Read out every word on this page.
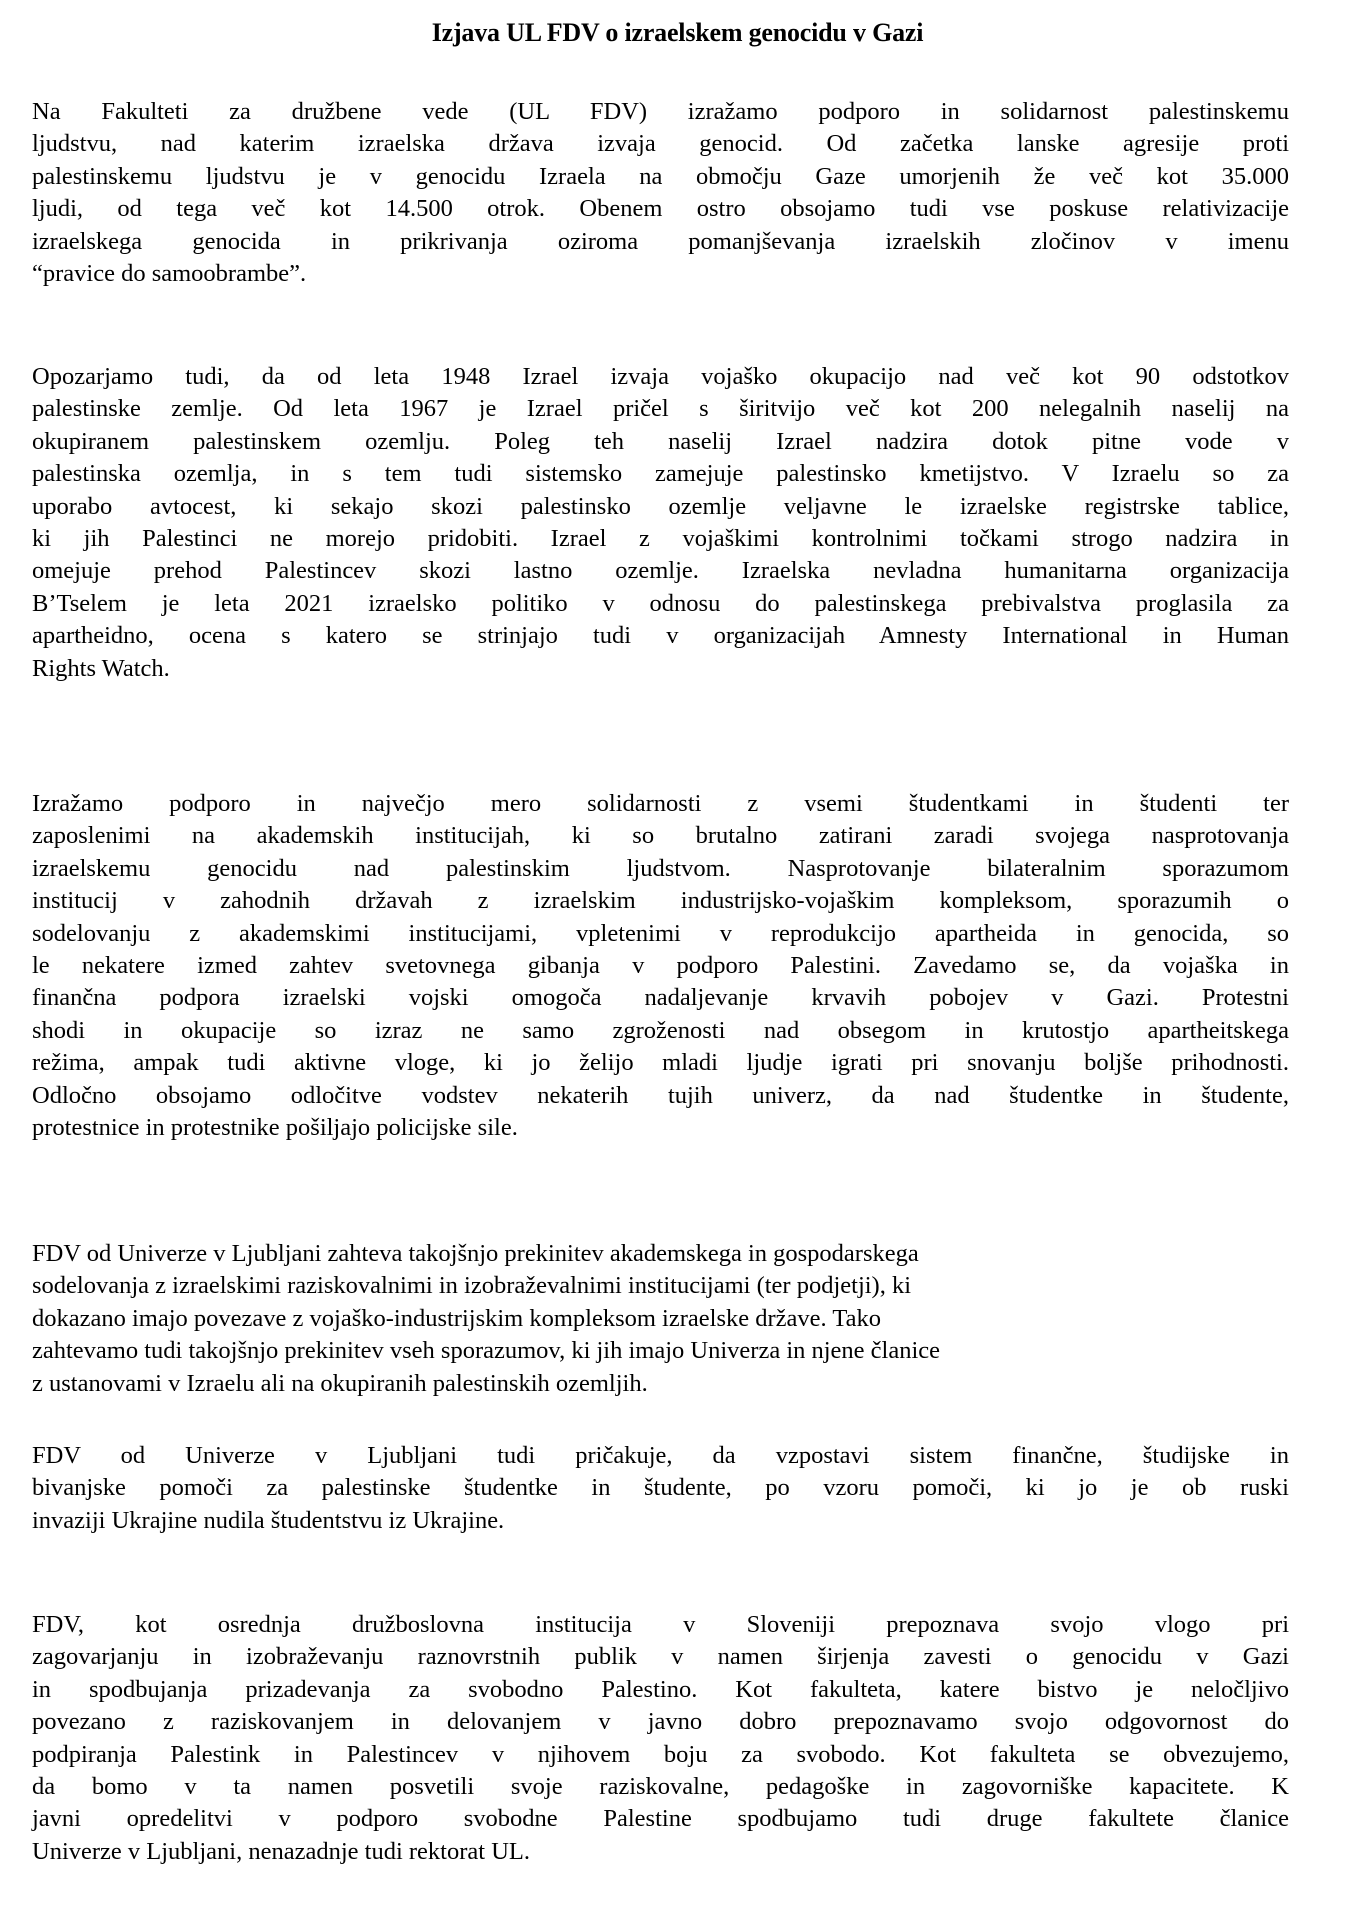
Izjava UL FDV o izraelskem genocidu v Gazi
Na Fakulteti za družbene vede (UL FDV) izražamo podporo in solidarnost palestinskemu
ljudstvu, nad katerim izraelska država izvaja genocid. Od začetka lanske agresije proti
palestinskemu ljudstvu je v genocidu Izraela na območju Gaze umorjenih že več kot 35.000
ljudi, od tega več kot 14.500 otrok. Obenem ostro obsojamo tudi vse poskuse relativizacije
izraelskega genocida in prikrivanja oziroma pomanjševanja izraelskih zločinov v imenu
“pravice do samoobrambe”.
Opozarjamo tudi, da od leta 1948 Izrael izvaja vojaško okupacijo nad več kot 90 odstotkov
palestinske zemlje. Od leta 1967 je Izrael pričel s širitvijo več kot 200 nelegalnih naselij na
okupiranem palestinskem ozemlju. Poleg teh naselij Izrael nadzira dotok pitne vode v
palestinska ozemlja, in s tem tudi sistemsko zamejuje palestinsko kmetijstvo. V Izraelu so za
uporabo avtocest, ki sekajo skozi palestinsko ozemlje veljavne le izraelske registrske tablice,
ki jih Palestinci ne morejo pridobiti. Izrael z vojaškimi kontrolnimi točkami strogo nadzira in
omejuje prehod Palestincev skozi lastno ozemlje. Izraelska nevladna humanitarna organizacija
B’Tselem je leta 2021 izraelsko politiko v odnosu do palestinskega prebivalstva proglasila za
apartheidno, ocena s katero se strinjajo tudi v organizacijah Amnesty International in Human
Rights Watch.
Izražamo podporo in največjo mero solidarnosti z vsemi študentkami in študenti ter
zaposlenimi na akademskih institucijah, ki so brutalno zatirani zaradi svojega nasprotovanja
izraelskemu genocidu nad palestinskim ljudstvom. Nasprotovanje bilateralnim sporazumom
institucij v zahodnih državah z izraelskim industrijsko-vojaškim kompleksom, sporazumih o
sodelovanju z akademskimi institucijami, vpletenimi v reprodukcijo apartheida in genocida, so
le nekatere izmed zahtev svetovnega gibanja v podporo Palestini. Zavedamo se, da vojaška in
finančna podpora izraelski vojski omogoča nadaljevanje krvavih pobojev v Gazi. Protestni
shodi in okupacije so izraz ne samo zgroženosti nad obsegom in krutostjo apartheitskega
režima, ampak tudi aktivne vloge, ki jo želijo mladi ljudje igrati pri snovanju boljše prihodnosti.
Odločno obsojamo odločitve vodstev nekaterih tujih univerz, da nad študentke in študente,
protestnice in protestnike pošiljajo policijske sile.
FDV od Univerze v Ljubljani zahteva takojšnjo prekinitev akademskega in gospodarskega
sodelovanja z izraelskimi raziskovalnimi in izobraževalnimi institucijami (ter podjetji), ki
dokazano imajo povezave z vojaško-industrijskim kompleksom izraelske države. Tako
zahtevamo tudi takojšnjo prekinitev vseh sporazumov, ki jih imajo Univerza in njene članice
z ustanovami v Izraelu ali na okupiranih palestinskih ozemljih.
FDV od Univerze v Ljubljani tudi pričakuje, da vzpostavi sistem finančne, študijske in
bivanjske pomoči za palestinske študentke in študente, po vzoru pomoči, ki jo je ob ruski
invaziji Ukrajine nudila študentstvu iz Ukrajine.
FDV, kot osrednja družboslovna institucija v Sloveniji prepoznava svojo vlogo pri
zagovarjanju in izobraževanju raznovrstnih publik v namen širjenja zavesti o genocidu v Gazi
in spodbujanja prizadevanja za svobodno Palestino. Kot fakulteta, katere bistvo je neločljivo
povezano z raziskovanjem in delovanjem v javno dobro prepoznavamo svojo odgovornost do
podpiranja Palestink in Palestincev v njihovem boju za svobodo. Kot fakulteta se obvezujemo,
da bomo v ta namen posvetili svoje raziskovalne, pedagoške in zagovorniške kapacitete. K
javni opredelitvi v podporo svobodne Palestine spodbujamo tudi druge fakultete članice
Univerze v Ljubljani, nenazadnje tudi rektorat UL.
